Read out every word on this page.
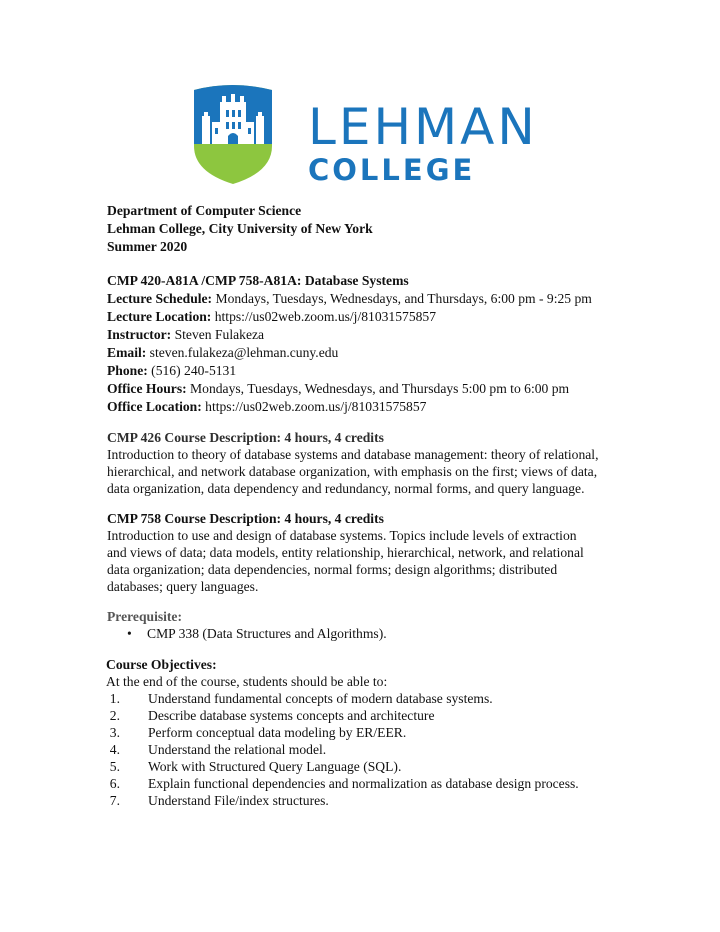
LEHMAN
COLLEGE
Department of Computer Science
Lehman College, City University of New York
Summer 2020
CMP 420-A81A /CMP 758-A81A: Database Systems
Lecture Schedule: Mondays, Tuesdays, Wednesdays, and Thursdays, 6:00 pm - 9:25 pm
Lecture Location: https://us02web.zoom.us/j/81031575857
Instructor: Steven Fulakeza
Email: steven.fulakeza@lehman.cuny.edu
Phone: (516) 240-5131
Office Hours: Mondays, Tuesdays, Wednesdays, and Thursdays 5:00 pm to 6:00 pm
Office Location: https://us02web.zoom.us/j/81031575857
CMP 426 Course Description: 4 hours, 4 credits
Introduction to theory of database systems and database management: theory of relational,
hierarchical, and network database organization, with emphasis on the first; views of data,
data organization, data dependency and redundancy, normal forms, and query language.
CMP 758 Course Description: 4 hours, 4 credits
Introduction to use and design of database systems. Topics include levels of extraction
and views of data; data models, entity relationship, hierarchical, network, and relational
data organization; data dependencies, normal forms; design algorithms; distributed
databases; query languages.
Prerequisite:
• CMP 338 (Data Structures and Algorithms).
Course Objectives:
At the end of the course, students should be able to:
1.	Understand fundamental concepts of modern database systems.
2.	Describe database systems concepts and architecture
3.	Perform conceptual data modeling by ER/EER.
4.	Understand the relational model.
5.	Work with Structured Query Language (SQL).
6.	Explain functional dependencies and normalization as database design process.
7.	Understand File/index structures.
